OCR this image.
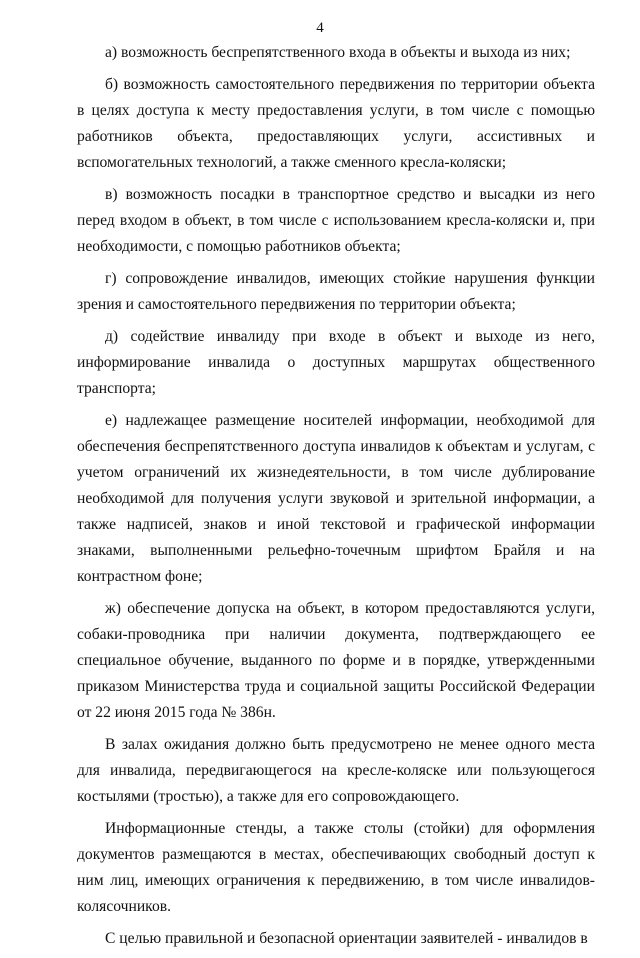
4

а) возможность беспрепятственного входа в объекты и выхода из них;

б) возможность самостоятельного передвижения по территории объекта в целях доступа к месту предоставления услуги, в том числе с помощью работников объекта, предоставляющих услуги, ассистивных и вспомогательных технологий, а также сменного кресла-коляски;

в) возможность посадки в транспортное средство и высадки из него перед входом в объект, в том числе с использованием кресла-коляски и, при необходимости, с помощью работников объекта;

г) сопровождение инвалидов, имеющих стойкие нарушения функции зрения и самостоятельного передвижения по территории объекта;

д) содействие инвалиду при входе в объект и выходе из него, информирование инвалида о доступных маршрутах общественного транспорта;

е) надлежащее размещение носителей информации, необходимой для обеспечения беспрепятственного доступа инвалидов к объектам и услугам, с учетом ограничений их жизнедеятельности, в том числе дублирование необходимой для получения услуги звуковой и зрительной информации, а также надписей, знаков и иной текстовой и графической информации знаками, выполненными рельефно-точечным шрифтом Брайля и на контрастном фоне;

ж) обеспечение допуска на объект, в котором предоставляются услуги, собаки-проводника при наличии документа, подтверждающего ее специальное обучение, выданного по форме и в порядке, утвержденными приказом Министерства труда и социальной защиты Российской Федерации от 22 июня 2015 года № 386н.

В залах ожидания должно быть предусмотрено не менее одного места для инвалида, передвигающегося на кресле-коляске или пользующегося костылями (тростью), а также для его сопровождающего.

Информационные стенды, а также столы (стойки) для оформления документов размещаются в местах, обеспечивающих свободный доступ к ним лиц, имеющих ограничения к передвижению, в том числе инвалидов-колясочников.

С целью правильной и безопасной ориентации заявителей - инвалидов в
